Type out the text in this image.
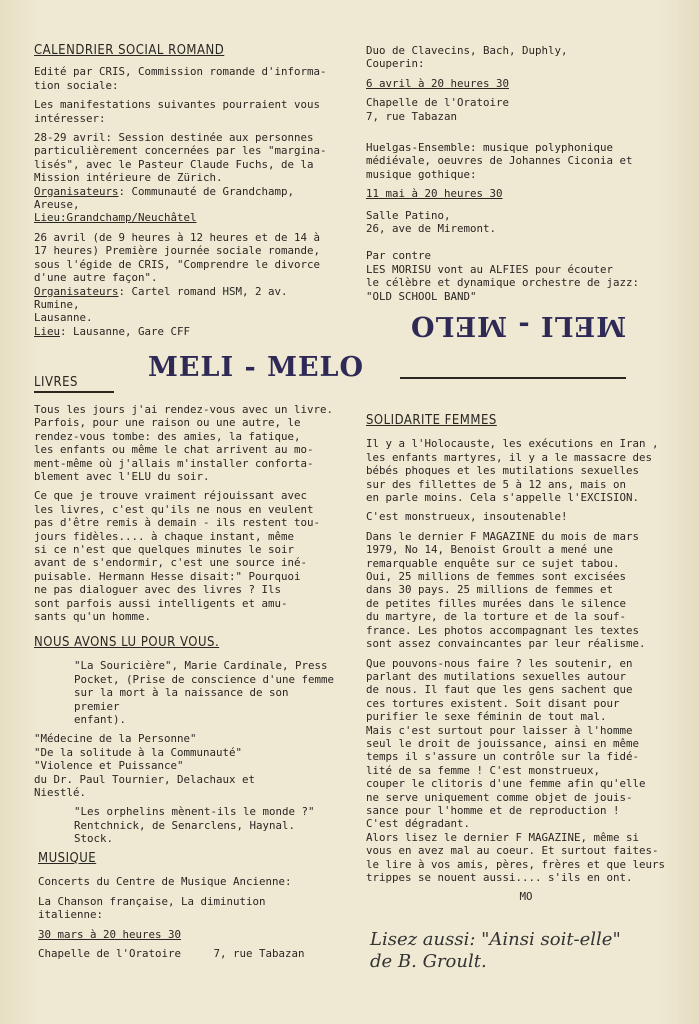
CALENDRIER SOCIAL ROMAND

Edité par CRIS, Commission romande d'informa-
tion sociale:

Les manifestations suivantes pourraient vous
intéresser:

28-29 avril: Session destinée aux personnes
particulièrement concernées par les "margina-
lisés", avec le Pasteur Claude Fuchs, de la
Mission intérieure de Zürich.

Organisateurs: Communauté de Grandchamp, Areuse,
Lieu:Grandchamp/Neuchâtel

26 avril (de 9 heures à 12 heures et de 14 à
17 heures) Première journée sociale romande,
sous l'égide de CRIS, "Comprendre le divorce
d'une autre façon".

Organisateurs: Cartel romand HSM, 2 av. Rumine,
Lausanne.
Lieu: Lausanne, Gare CFF
MELI - MELO
LIVRES

Tous les jours j'ai rendez-vous avec un livre.
Parfois, pour une raison ou une autre, le
rendez-vous tombe: des amies, la fatique,
les enfants ou même le chat arrivent au mo-
ment-même où j'allais m'installer conforta-
blement avec l'ELU du soir.

Ce que je trouve vraiment réjouissant avec
les livres, c'est qu'ils ne nous en veulent
pas d'être remis à demain - ils restent tou-
jours fidèles.... à chaque instant, même
si ce n'est que quelques minutes le soir
avant de s'endormir, c'est une source iné-
puisable. Hermann Hesse disait:" Pourquoi
ne pas dialoguer avec des livres ? Ils
sont parfois aussi intelligents et amu-
sants qu'un homme.

NOUS AVONS LU POUR VOUS.

"La Souricière", Marie Cardinale, Press
Pocket, (Prise de conscience d'une femme
sur la mort à la naissance de son premier
enfant).

"Médecine de la Personne"
"De la solitude à la Communauté"
"Violence et Puissance"
du Dr. Paul Tournier, Delachaux et
Niestlé.

"Les orphelins mènent-ils le monde ?"
Rentchnick, de Senarclens, Haynal.
Stock.

MUSIQUE

Concerts du Centre de Musique Ancienne:

La Chanson française, La diminution
italienne:

30 mars à 20 heures 30
Chapelle de l'Oratoire     7, rue Tabazan

Duo de Clavecins, Bach, Duphly,
Couperin:

6 avril à 20 heures 30

Chapelle de l'Oratoire
7, rue Tabazan

Huelgas-Ensemble: musique polyphonique
médiévale, oeuvres de Johannes Ciconia et
musique gothique:

11 mai à 20 heures 30

Salle Patino,
26, ave de Miremont.

Par contre
LES MORISU vont au ALFIES pour écouter
le célèbre et dynamique orchestre de jazz:
"OLD SCHOOL BAND"

MELI - MELO
SOLIDARITE FEMMES

Il y a l'Holocauste, les exécutions en Iran ,
les enfants martyres, il y a le massacre des
bébés phoques et les mutilations sexuelles
sur des fillettes de 5 à 12 ans, mais on
en parle moins. Cela s'appelle l'EXCISION.

C'est monstrueux, insoutenable!

Dans le dernier F MAGAZINE du mois de mars
1979, No 14, Benoist Groult a mené une
remarquable enquête sur ce sujet tabou.
Oui, 25 millions de femmes sont excisées
dans 30 pays. 25 millions de femmes et
de petites filles murées dans le silence
du martyre, de la torture et de la souf-
france. Les photos accompagnant les textes
sont assez convaincantes par leur réalisme.

Que pouvons-nous faire ? les soutenir, en
parlant des mutilations sexuelles autour
de nous. Il faut que les gens sachent que
ces tortures existent. Soit disant pour
purifier le sexe féminin de tout mal.
Mais c'est surtout pour laisser à l'homme
seul le droit de jouissance, ainsi en même
temps il s'assure un contrôle sur la fidé-
lité de sa femme ! C'est monstrueux,
couper le clitoris d'une femme afin qu'elle
ne serve uniquement comme objet de jouis-
sance pour l'homme et de reproduction !
C'est dégradant.
Alors lisez le dernier F MAGAZINE, même si
vous en avez mal au coeur. Et surtout faites-
le lire à vos amis, pères, frères et que leurs
trippes se nouent aussi.... s'ils en ont.

MO
Lisez aussi: "Ainsi soit-elle"
de B. Groult.
